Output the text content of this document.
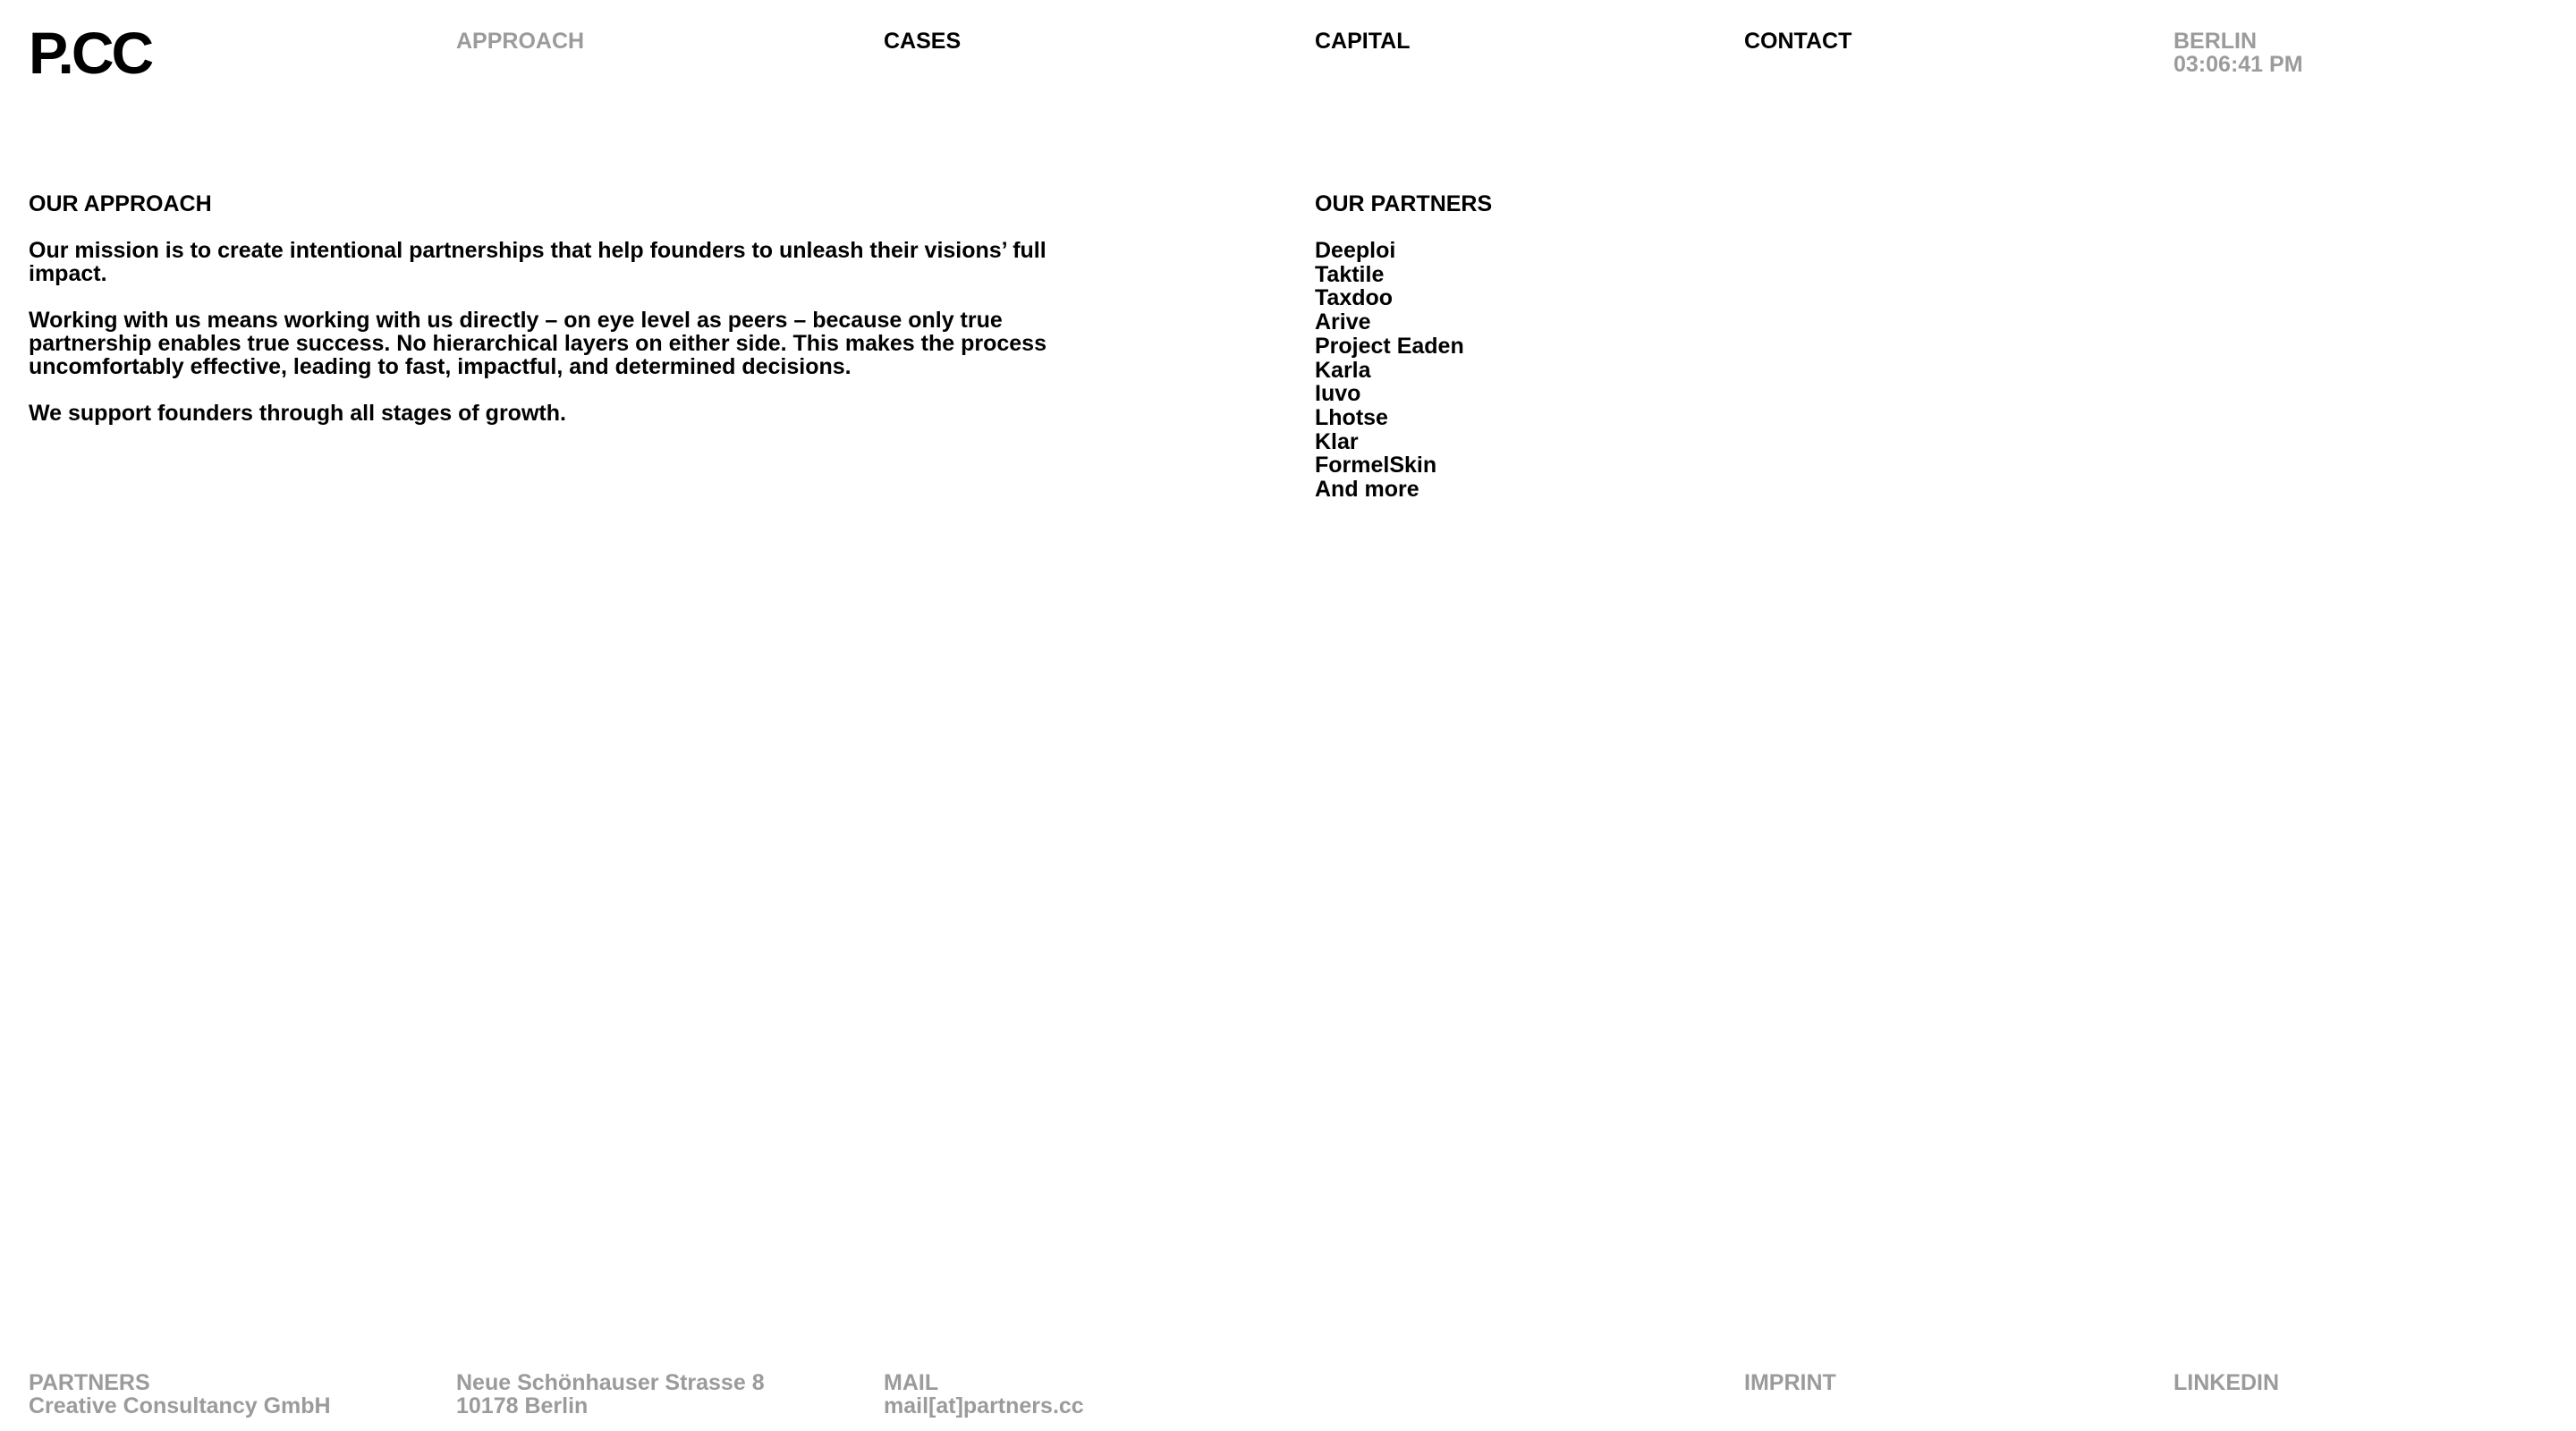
P.CC	APPROACH	CASES	CAPITAL	CONTACT	BERLIN
03:06:41 PM
OUR APPROACH

Our mission is to create intentional partnerships that help founders to unleash their visions’ full impact.

Working with us means working with us directly – on eye level as peers – because only true partnership enables true success. No hierarchical layers on either side. This makes the process uncomfortably effective, leading to fast, impactful, and determined decisions.

We support founders through all stages of growth.

OUR PARTNERS
Deeploi
Taktile
Taxdoo
Arive
Project Eaden
Karla
Iuvo
Lhotse
Klar
FormelSkin
And more
PARTNERS
Creative Consultancy GmbH
Neue Schönhauser Strasse 8
10178 Berlin
MAIL
mail[at]partners.cc
IMPRINT	LINKEDIN
